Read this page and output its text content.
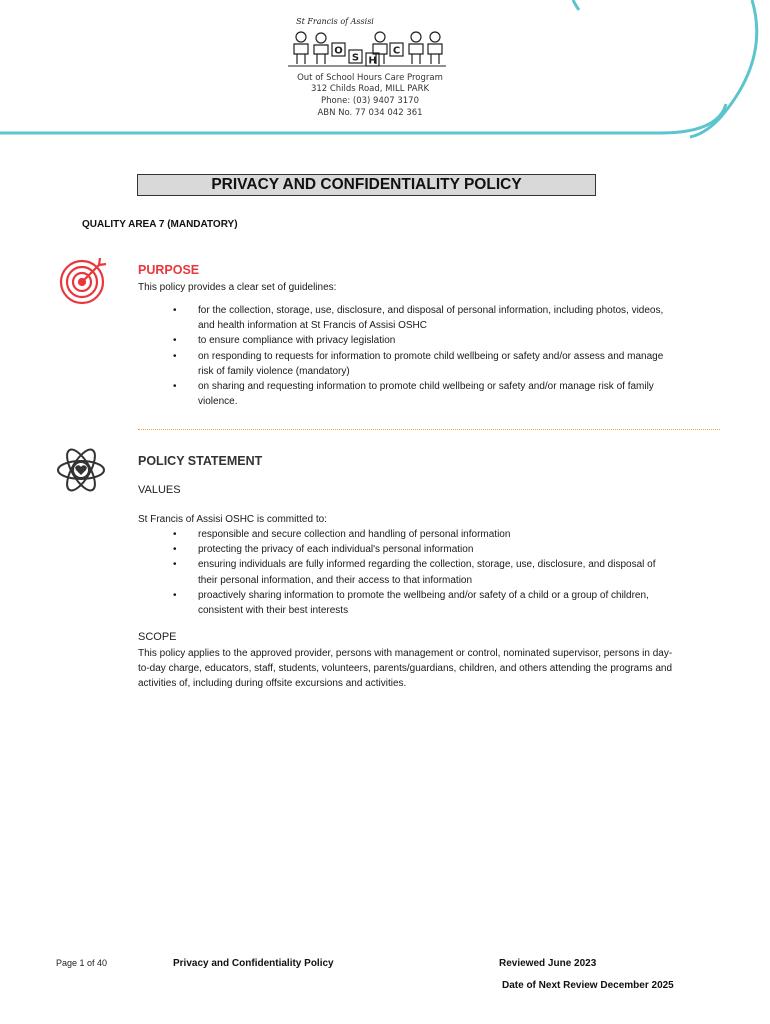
St Francis of Assisi
O
S H
C
Out of School Hours Care Program
312 Childs Road, MILL PARK
Phone: (03) 9407 3170
ABN No. 77 034 042 361
PRIVACY AND CONFIDENTIALITY POLICY
QUALITY AREA 7 (MANDATORY)
PURPOSE
This policy provides a clear set of guidelines:
• for the collection, storage, use, disclosure, and disposal of personal information, including photos, videos, and health information at St Francis of Assisi OSHC
• to ensure compliance with privacy legislation
• on responding to requests for information to promote child wellbeing or safety and/or assess and manage risk of family violence (mandatory)
• on sharing and requesting information to promote child wellbeing or safety and/or manage risk of family violence.
POLICY STATEMENT
VALUES
St Francis of Assisi OSHC is committed to:
• responsible and secure collection and handling of personal information
• protecting the privacy of each individual's personal information
• ensuring individuals are fully informed regarding the collection, storage, use, disclosure, and disposal of their personal information, and their access to that information
• proactively sharing information to promote the wellbeing and/or safety of a child or a group of children, consistent with their best interests
SCOPE
This policy applies to the approved provider, persons with management or control, nominated supervisor, persons in day-to-day charge, educators, staff, students, volunteers, parents/guardians, children, and others attending the programs and activities of, including during offsite excursions and activities.
Page 1 of 40	Privacy and Confidentiality Policy	Reviewed June 2023
Date of Next Review December 2025
